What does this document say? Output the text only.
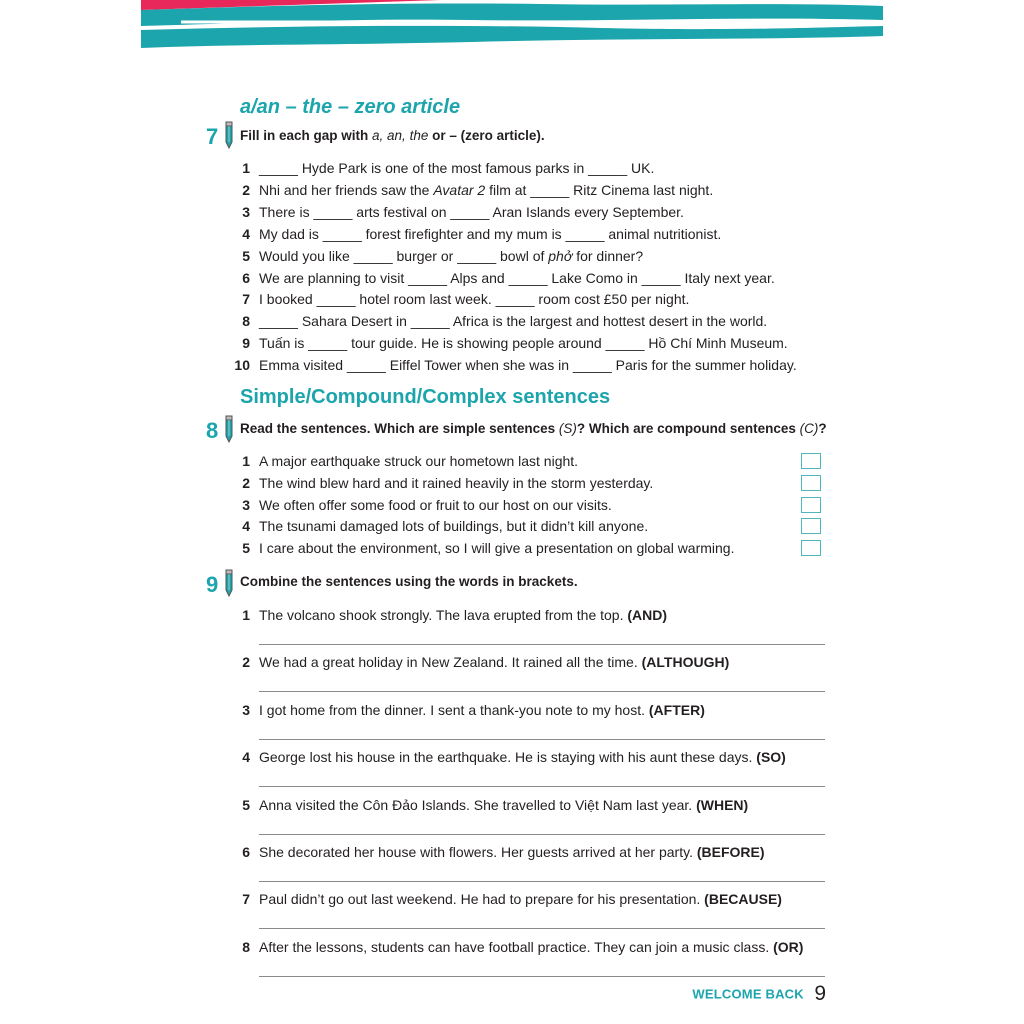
a/an – the – zero article
7 Fill in each gap with a, an, the or – (zero article).
1 _____ Hyde Park is one of the most famous parks in _____ UK.
2 Nhi and her friends saw the Avatar 2 film at _____ Ritz Cinema last night.
3 There is _____ arts festival on _____ Aran Islands every September.
4 My dad is _____ forest firefighter and my mum is _____ animal nutritionist.
5 Would you like _____ burger or _____ bowl of phở for dinner?
6 We are planning to visit _____ Alps and _____ Lake Como in _____ Italy next year.
7 I booked _____ hotel room last week. _____ room cost £50 per night.
8 _____ Sahara Desert in _____ Africa is the largest and hottest desert in the world.
9 Tuấn is _____ tour guide. He is showing people around _____ Hồ Chí Minh Museum.
10 Emma visited _____ Eiffel Tower when she was in _____ Paris for the summer holiday.
Simple/Compound/Complex sentences
8 Read the sentences. Which are simple sentences (S)? Which are compound sentences (C)?
1 A major earthquake struck our hometown last night.
2 The wind blew hard and it rained heavily in the storm yesterday.
3 We often offer some food or fruit to our host on our visits.
4 The tsunami damaged lots of buildings, but it didn’t kill anyone.
5 I care about the environment, so I will give a presentation on global warming.
9 Combine the sentences using the words in brackets.
1 The volcano shook strongly. The lava erupted from the top. (AND)
2 We had a great holiday in New Zealand. It rained all the time. (ALTHOUGH)
3 I got home from the dinner. I sent a thank-you note to my host. (AFTER)
4 George lost his house in the earthquake. He is staying with his aunt these days. (SO)
5 Anna visited the Côn Đảo Islands. She travelled to Việt Nam last year. (WHEN)
6 She decorated her house with flowers. Her guests arrived at her party. (BEFORE)
7 Paul didn’t go out last weekend. He had to prepare for his presentation. (BECAUSE)
8 After the lessons, students can have football practice. They can join a music class. (OR)
WELCOME BACK 9
